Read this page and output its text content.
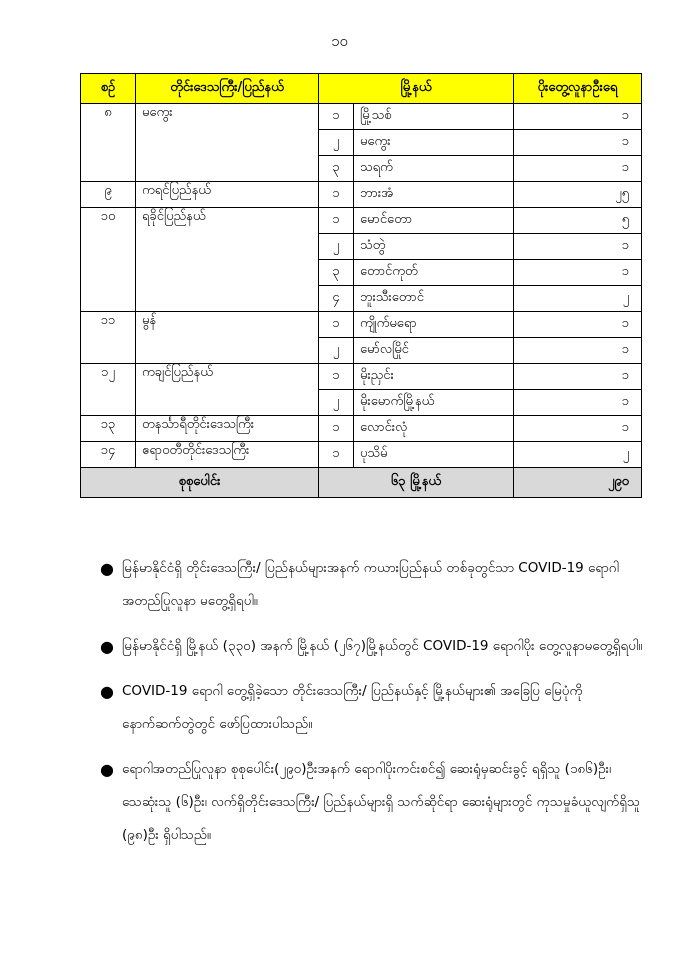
၁၀
စဉ်	တိုင်းဒေသကြီး/ပြည်နယ်	မြို့နယ်		ပိုးတွေ့လူနာဦးရေ
၈	မကွေး	၁	မြို့သစ်	၁
		၂	မကွေး	၁
		၃	သရက်	၁
၉	ကရင်ပြည်နယ်	၁	ဘားအံ	၂၅
၁၀	ရခိုင်ပြည်နယ်	၁	မောင်တော	၅
		၂	သံတွဲ	၁
		၃	တောင်ကုတ်	၁
		၄	ဘူးသီးတောင်	၂
၁၁	မွန်	၁	ကျိုက်မရော	၁
		၂	မော်လမြိုင်	၁
၁၂	ကချင်ပြည်နယ်	၁	မိုးညှင်း	၁
		၂	မိုးမောက်မြို့နယ်	၁
၁၃	တနင်္သာရီတိုင်းဒေသကြီး	၁	လောင်းလုံ	၁
၁၄	ဧရာဝတီတိုင်းဒေသကြီး	၁	ပုသိမ်	၂
စုစုပေါင်း		၆၃ မြို့နယ်		၂၉၀
● မြန်မာနိုင်ငံရှိ တိုင်းဒေသကြီး/ ပြည်နယ်များအနက် ကယားပြည်နယ် တစ်ခုတွင်သာ COVID-19 ရောဂါ အတည်ပြုလူနာ မတွေ့ရှိရပါ။
● မြန်မာနိုင်ငံရှိ မြို့နယ် (၃၃၀) အနက် မြို့နယ် (၂၆၇)မြို့နယ်တွင် COVID-19 ရောဂါပိုး တွေ့လူနာမတွေ့ရှိရပါ။
● COVID-19 ရောဂါ တွေ့ရှိခဲ့သော တိုင်းဒေသကြီး/ ပြည်နယ်နှင့် မြို့နယ်များ၏ အခြေပြ မြေပုံကို နောက်ဆက်တွဲတွင် ဖော်ပြထားပါသည်။
● ရောဂါအတည်ပြုလူနာ စုစုပေါင်း(၂၉၀)ဦးအနက် ရောဂါပိုးကင်းစင်၍ ဆေးရုံမှဆင်းခွင့် ရရှိသူ (၁၈၆)ဦး၊ သေဆုံးသူ (၆)ဦး၊ လက်ရှိတိုင်းဒေသကြီး/ ပြည်နယ်များရှိ သက်ဆိုင်ရာ ဆေးရုံများတွင် ကုသမှုခံယူလျက်ရှိသူ (၉၈)ဦး ရှိပါသည်။
